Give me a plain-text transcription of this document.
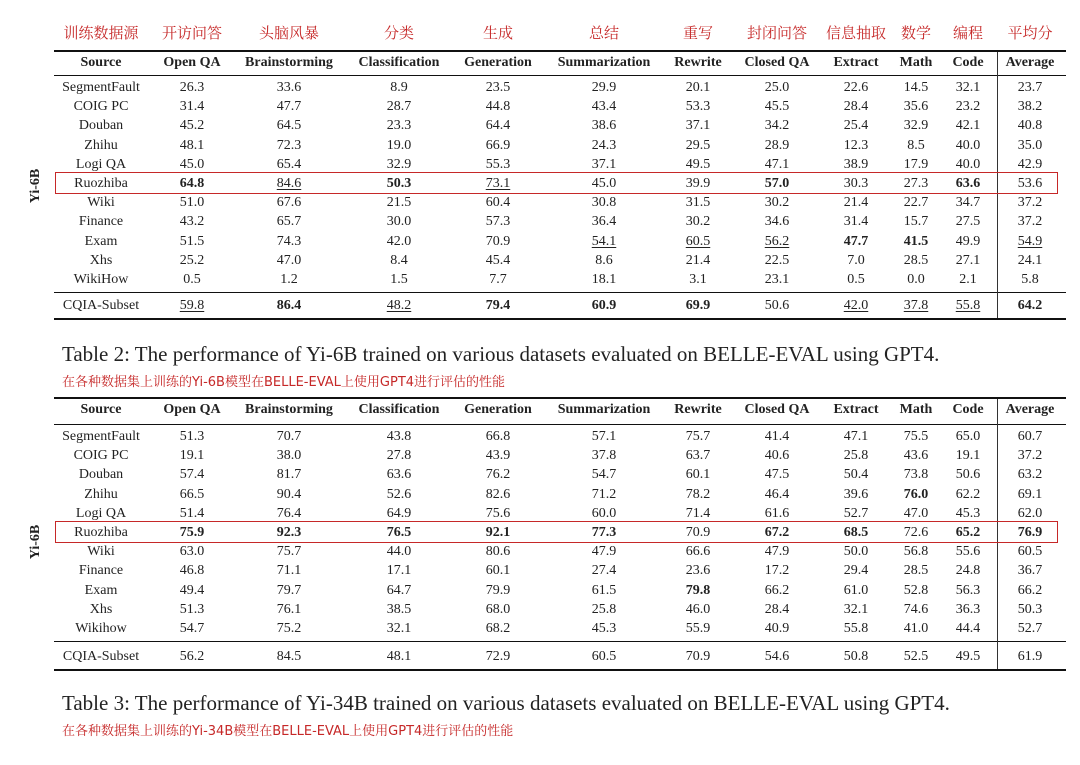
训练数据源	开访问答	头脑风暴	分类	生成	总结	重写	封闭问答	信息抽取 数学	编程	平均分
Source	Open QA	Brainstorming	Classification	Generation	Summarization	Rewrite	Closed QA	Extract	Math	Code	Average
SegmentFault	26.3	33.6	8.9	23.5	29.9	20.1	25.0	22.6	14.5	32.1	23.7
COIG PC	31.4	47.7	28.7	44.8	43.4	53.3	45.5	28.4	35.6	23.2	38.2
Douban	45.2	64.5	23.3	64.4	38.6	37.1	34.2	25.4	32.9	42.1	40.8
Zhihu	48.1	72.3	19.0	66.9	24.3	29.5	28.9	12.3	8.5	40.0	35.0
Logi QA	45.0	65.4	32.9	55.3	37.1	49.5	47.1	38.9	17.9	40.0	42.9
Ruozhiba	64.8	84.6	50.3	73.1	45.0	39.9	57.0	30.3	27.3	63.6	53.6
Wiki	51.0	67.6	21.5	60.4	30.8	31.5	30.2	21.4	22.7	34.7	37.2
Finance	43.2	65.7	30.0	57.3	36.4	30.2	34.6	31.4	15.7	27.5	37.2
Exam	51.5	74.3	42.0	70.9	54.1	60.5	56.2	47.7	41.5	49.9	54.9
Xhs	25.2	47.0	8.4	45.4	8.6	21.4	22.5	7.0	28.5	27.1	24.1
WikiHow	0.5	1.2	1.5	7.7	18.1	3.1	23.1	0.5	0.0	2.1	5.8
CQIA-Subset	59.8	86.4	48.2	79.4	60.9	69.9	50.6	42.0	37.8	55.8	64.2
Yi-6B
Table 2: The performance of Yi-6B trained on various datasets evaluated on BELLE-EVAL using GPT4.
在各种数据集上训练的Yi-6B模型在BELLE-EVAL上使用GPT4进行评估的性能
Source	Open QA	Brainstorming	Classification	Generation	Summarization	Rewrite	Closed QA	Extract	Math	Code	Average
SegmentFault	51.3	70.7	43.8	66.8	57.1	75.7	41.4	47.1	75.5	65.0	60.7
COIG PC	19.1	38.0	27.8	43.9	37.8	63.7	40.6	25.8	43.6	19.1	37.2
Douban	57.4	81.7	63.6	76.2	54.7	60.1	47.5	50.4	73.8	50.6	63.2
Zhihu	66.5	90.4	52.6	82.6	71.2	78.2	46.4	39.6	76.0	62.2	69.1
Logi QA	51.4	76.4	64.9	75.6	60.0	71.4	61.6	52.7	47.0	45.3	62.0
Ruozhiba	75.9	92.3	76.5	92.1	77.3	70.9	67.2	68.5	72.6	65.2	76.9
Wiki	63.0	75.7	44.0	80.6	47.9	66.6	47.9	50.0	56.8	55.6	60.5
Finance	46.8	71.1	17.1	60.1	27.4	23.6	17.2	29.4	28.5	24.8	36.7
Exam	49.4	79.7	64.7	79.9	61.5	79.8	66.2	61.0	52.8	56.3	66.2
Xhs	51.3	76.1	38.5	68.0	25.8	46.0	28.4	32.1	74.6	36.3	50.3
Wikihow	54.7	75.2	32.1	68.2	45.3	55.9	40.9	55.8	41.0	44.4	52.7
CQIA-Subset	56.2	84.5	48.1	72.9	60.5	70.9	54.6	50.8	52.5	49.5	61.9
Yi-6B
Table 3: The performance of Yi-34B trained on various datasets evaluated on BELLE-EVAL using GPT4.
在各种数据集上训练的Yi-34B模型在BELLE-EVAL上使用GPT4进行评估的性能
